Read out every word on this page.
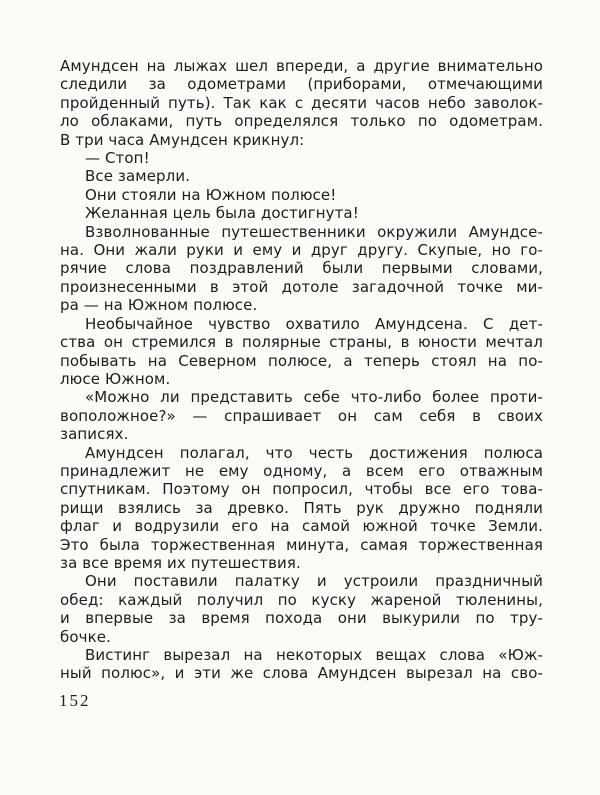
Амундсен на лыжах шел впереди, а другие внимательно
следили за одометрами (приборами, отмечающими
пройденный путь). Так как с десяти часов небо заволок-
ло облаками, путь определялся только по одометрам.
В три часа Амундсен крикнул:

— Стоп!

Все замерли.

Они стояли на Южном полюсе!

Желанная цель была достигнута!

Взволнованные путешественники окружили Амундсе-
на. Они жали руки и ему и друг другу. Скупые, но го-
рячие слова поздравлений были первыми словами,
произнесенными в этой дотоле загадочной точке ми-
ра — на Южном полюсе.

Необычайное чувство охватило Амундсена. С дет-
ства он стремился в полярные страны, в юности мечтал
побывать на Северном полюсе, а теперь стоял на по-
люсе Южном.

«Можно ли представить себе что-либо более проти-
воположное?» — спрашивает он сам себя в своих
записях.

Амундсен полагал, что честь достижения полюса
принадлежит не ему одному, а всем его отважным
спутникам. Поэтому он попросил, чтобы все его това-
рищи взялись за древко. Пять рук дружно подняли
флаг и водрузили его на самой южной точке Земли.
Это была торжественная минута, самая торжественная
за все время их путешествия.

Они поставили палатку и устроили праздничный
обед: каждый получил по куску жареной тюленины,
и впервые за время похода они выкурили по тру-
бочке.

Вистинг вырезал на некоторых вещах слова «Юж-
ный полюс», и эти же слова Амундсен вырезал на сво-

152
